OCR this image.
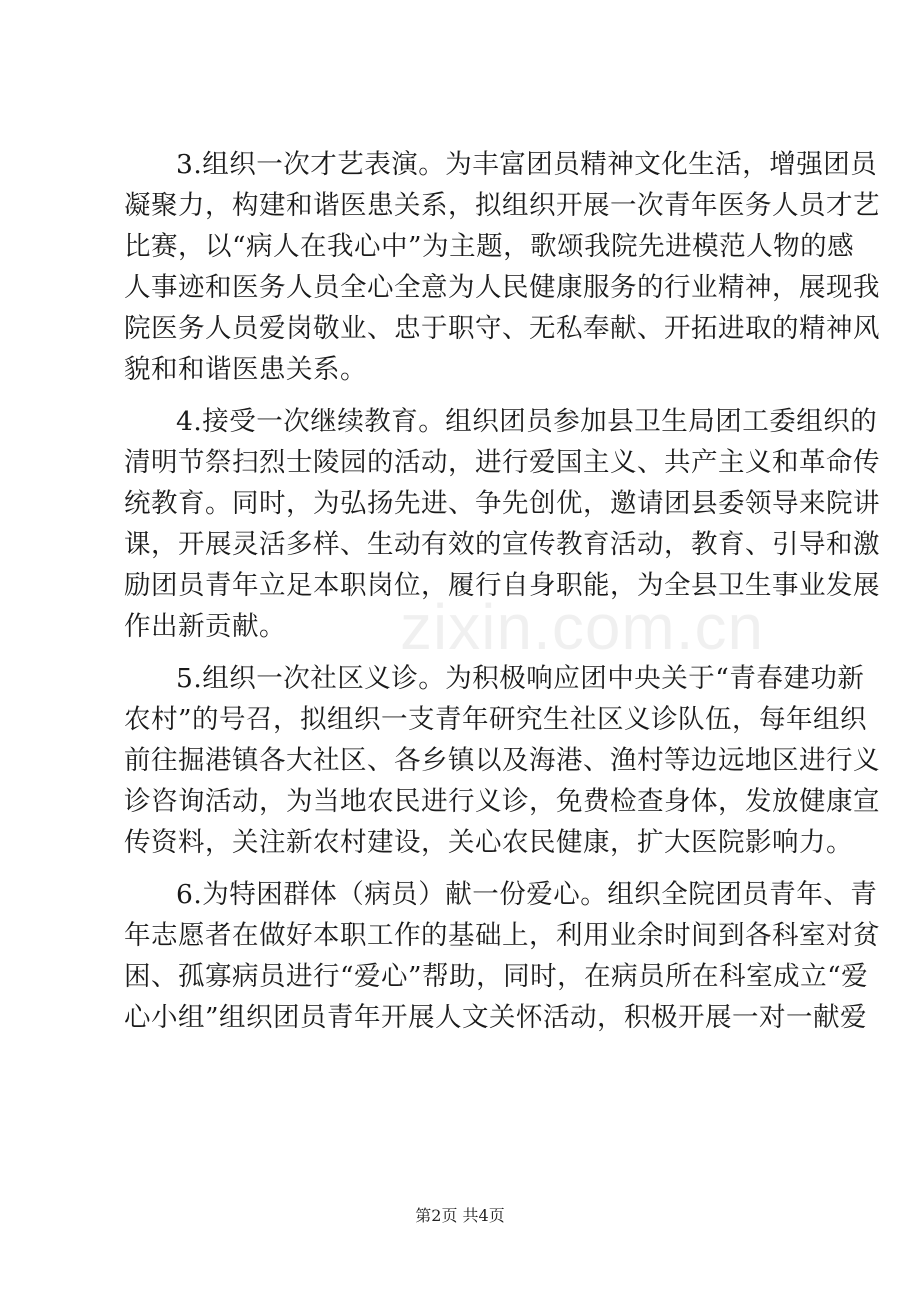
3.组织一次才艺表演。为丰富团员精神文化生活，增强团员
凝聚力，构建和谐医患关系，拟组织开展一次青年医务人员才艺
比赛，以“病人在我心中”为主题，歌颂我院先进模范人物的感
人事迹和医务人员全心全意为人民健康服务的行业精神，展现我
院医务人员爱岗敬业、忠于职守、无私奉献、开拓进取的精神风
貌和和谐医患关系。
4.接受一次继续教育。组织团员参加县卫生局团工委组织的
清明节祭扫烈士陵园的活动，进行爱国主义、共产主义和革命传
统教育。同时，为弘扬先进、争先创优，邀请团县委领导来院讲
课，开展灵活多样、生动有效的宣传教育活动，教育、引导和激
励团员青年立足本职岗位，履行自身职能，为全县卫生事业发展
作出新贡献。
5.组织一次社区义诊。为积极响应团中央关于“青春建功新
农村”的号召，拟组织一支青年研究生社区义诊队伍，每年组织
前往掘港镇各大社区、各乡镇以及海港、渔村等边远地区进行义
诊咨询活动，为当地农民进行义诊，免费检查身体，发放健康宣
传资料，关注新农村建设，关心农民健康，扩大医院影响力。
6.为特困群体（病员）献一份爱心。组织全院团员青年、青
年志愿者在做好本职工作的基础上，利用业余时间到各科室对贫
困、孤寡病员进行“爱心”帮助，同时，在病员所在科室成立“爱
心小组”组织团员青年开展人文关怀活动，积极开展一对一献爱
zixin.com.cn
第2页 共4页
